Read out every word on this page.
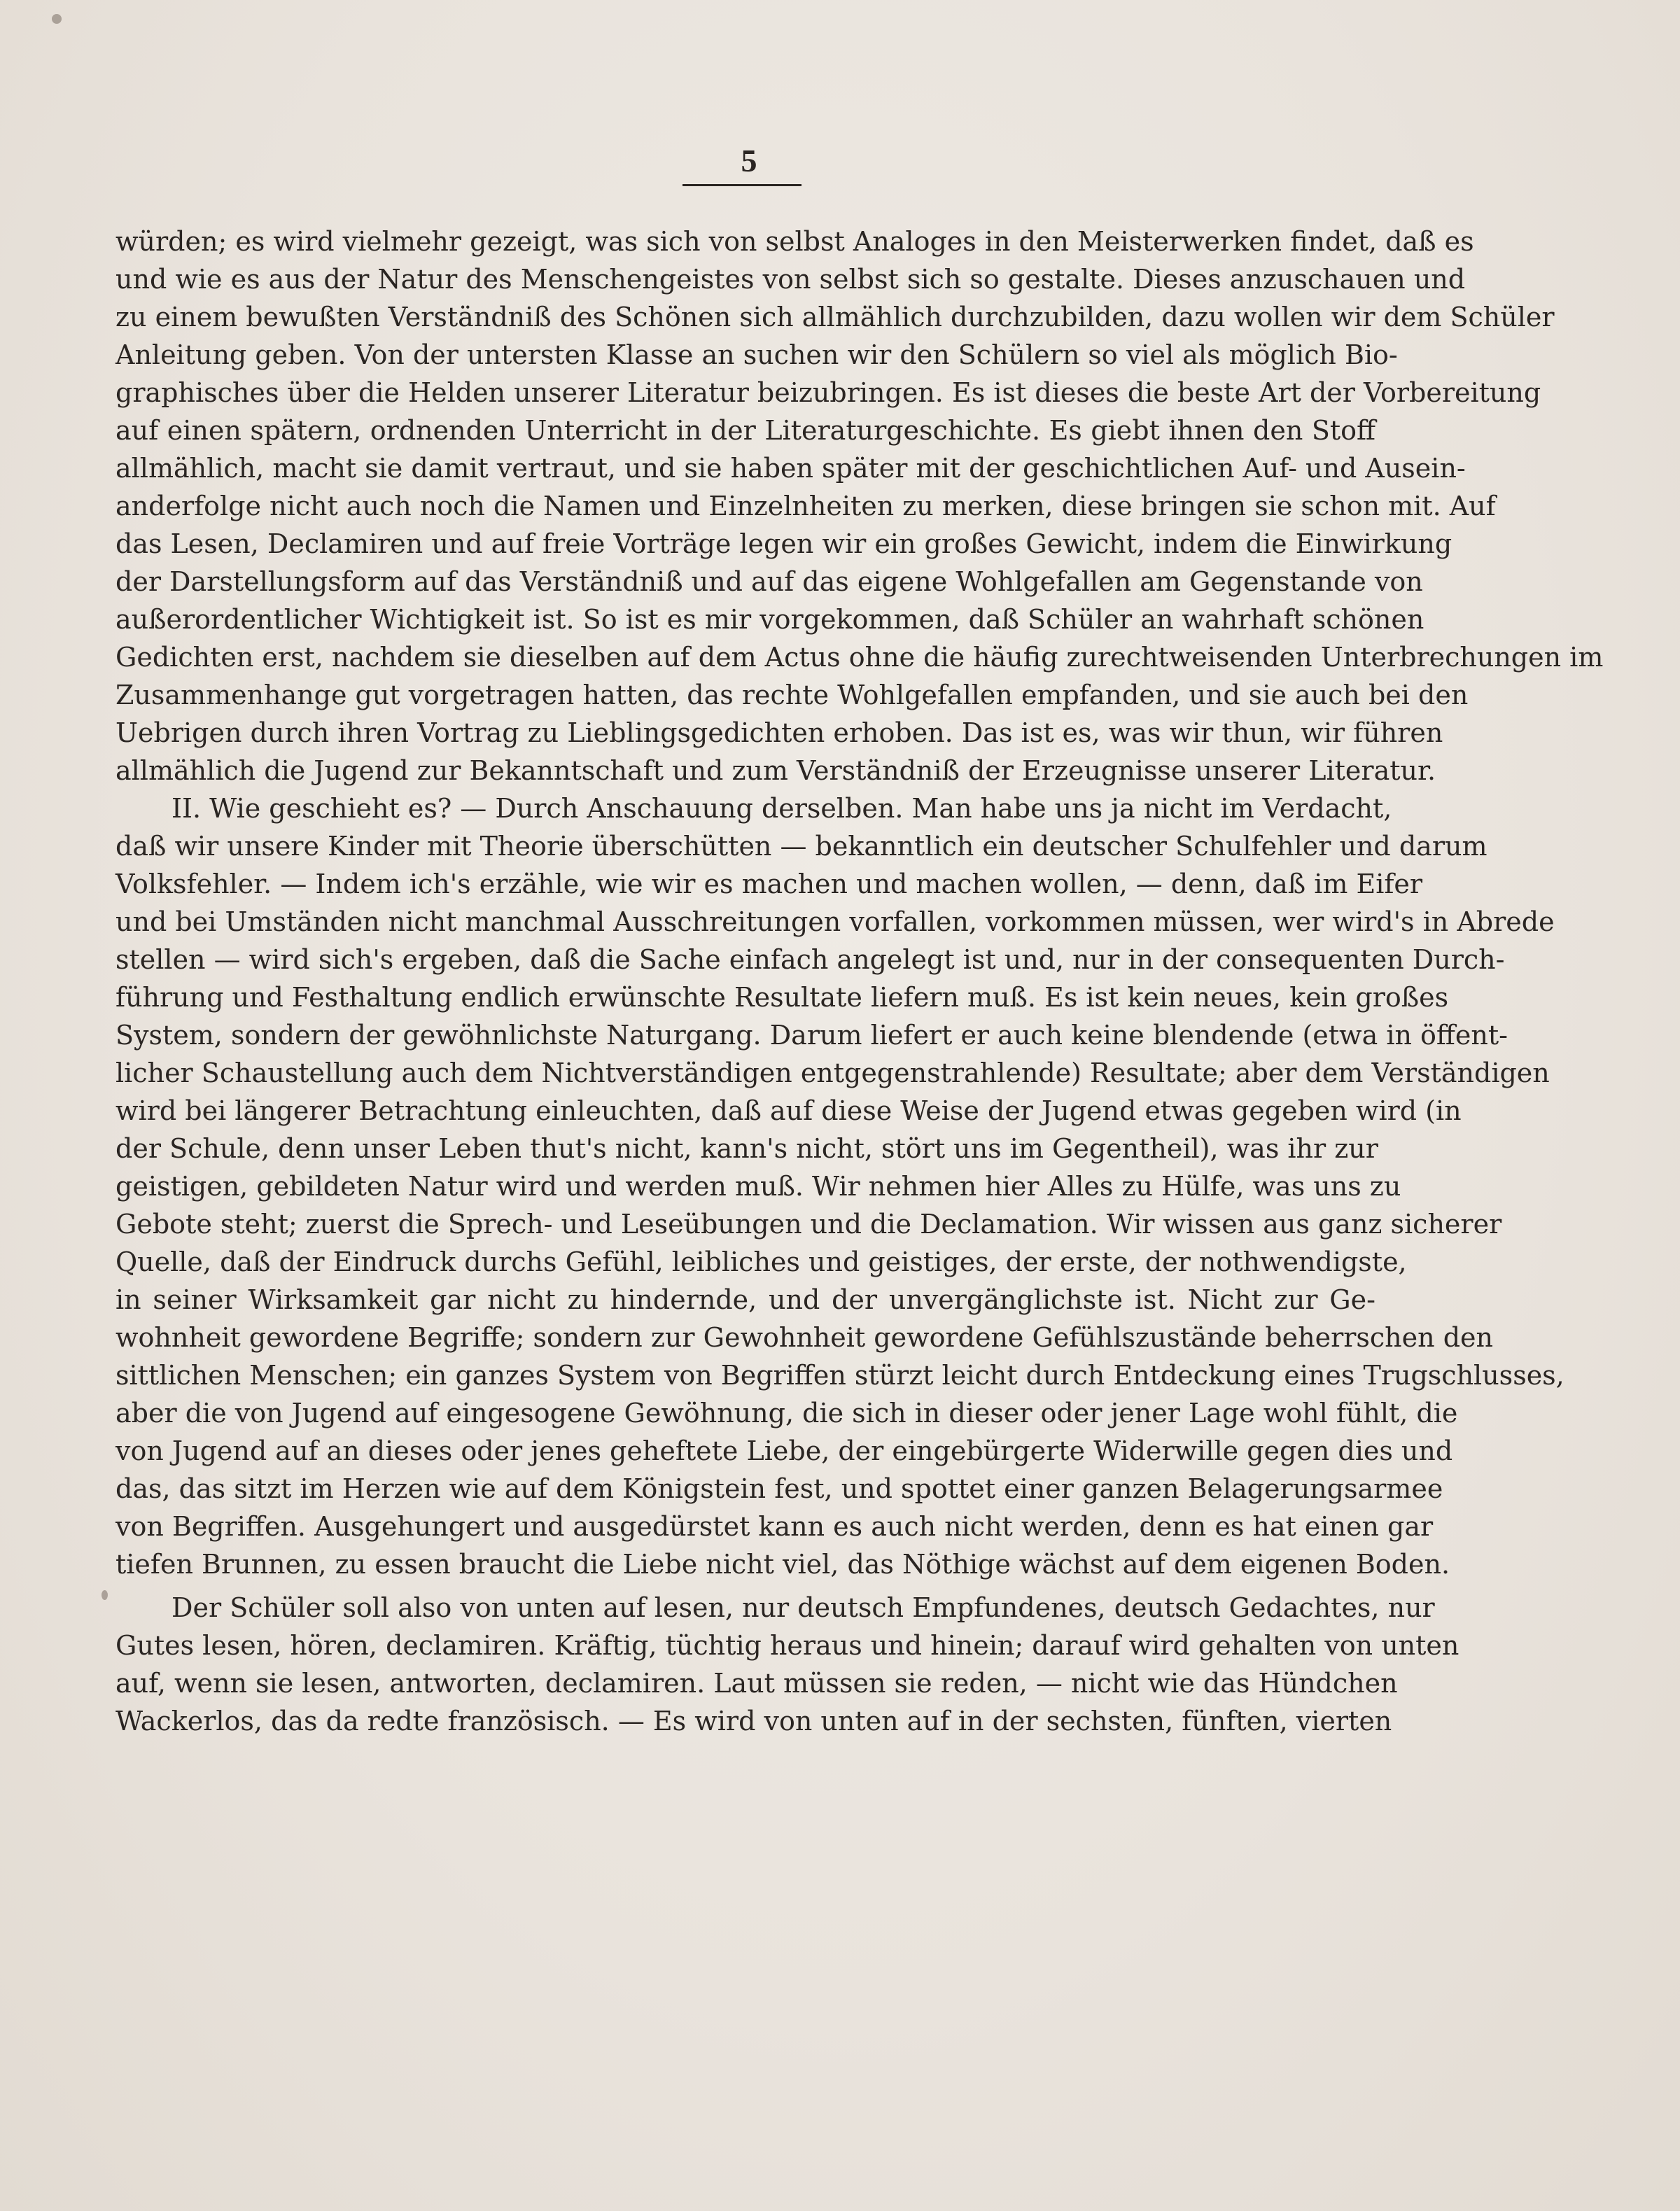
5
würden; es wird vielmehr gezeigt, was sich von selbst Analoges in den Meisterwerken findet, daß es
und wie es aus der Natur des Menschengeistes von selbst sich so gestalte. Dieses anzuschauen und
zu einem bewußten Verständniß des Schönen sich allmählich durchzubilden, dazu wollen wir dem Schüler
Anleitung geben. Von der untersten Klasse an suchen wir den Schülern so viel als möglich Bio-
graphisches über die Helden unserer Literatur beizubringen. Es ist dieses die beste Art der Vorbereitung
auf einen spätern, ordnenden Unterricht in der Literaturgeschichte. Es giebt ihnen den Stoff
allmählich, macht sie damit vertraut, und sie haben später mit der geschichtlichen Auf- und Ausein-
anderfolge nicht auch noch die Namen und Einzelnheiten zu merken, diese bringen sie schon mit. Auf
das Lesen, Declamiren und auf freie Vorträge legen wir ein großes Gewicht, indem die Einwirkung
der Darstellungsform auf das Verständniß und auf das eigene Wohlgefallen am Gegenstande von
außerordentlicher Wichtigkeit ist. So ist es mir vorgekommen, daß Schüler an wahrhaft schönen
Gedichten erst, nachdem sie dieselben auf dem Actus ohne die häufig zurechtweisenden Unterbrechungen im
Zusammenhange gut vorgetragen hatten, das rechte Wohlgefallen empfanden, und sie auch bei den
Uebrigen durch ihren Vortrag zu Lieblingsgedichten erhoben. Das ist es, was wir thun, wir führen
allmählich die Jugend zur Bekanntschaft und zum Verständniß der Erzeugnisse unserer Literatur.
II. Wie geschieht es? — Durch Anschauung derselben. Man habe uns ja nicht im Verdacht,
daß wir unsere Kinder mit Theorie überschütten — bekanntlich ein deutscher Schulfehler und darum
Volksfehler. — Indem ich's erzähle, wie wir es machen und machen wollen, — denn, daß im Eifer
und bei Umständen nicht manchmal Ausschreitungen vorfallen, vorkommen müssen, wer wird's in Abrede
stellen — wird sich's ergeben, daß die Sache einfach angelegt ist und, nur in der consequenten Durch-
führung und Festhaltung endlich erwünschte Resultate liefern muß. Es ist kein neues, kein großes
System, sondern der gewöhnlichste Naturgang. Darum liefert er auch keine blendende (etwa in öffent-
licher Schaustellung auch dem Nichtverständigen entgegenstrahlende) Resultate; aber dem Verständigen
wird bei längerer Betrachtung einleuchten, daß auf diese Weise der Jugend etwas gegeben wird (in
der Schule, denn unser Leben thut's nicht, kann's nicht, stört uns im Gegentheil), was ihr zur
geistigen, gebildeten Natur wird und werden muß. Wir nehmen hier Alles zu Hülfe, was uns zu
Gebote steht; zuerst die Sprech- und Leseübungen und die Declamation. Wir wissen aus ganz sicherer
Quelle, daß der Eindruck durchs Gefühl, leibliches und geistiges, der erste, der nothwendigste,
in seiner Wirksamkeit gar nicht zu hindernde, und der unvergänglichste ist. Nicht zur Ge-
wohnheit gewordene Begriffe; sondern zur Gewohnheit gewordene Gefühlszustände beherrschen den
sittlichen Menschen; ein ganzes System von Begriffen stürzt leicht durch Entdeckung eines Trugschlusses,
aber die von Jugend auf eingesogene Gewöhnung, die sich in dieser oder jener Lage wohl fühlt, die
von Jugend auf an dieses oder jenes geheftete Liebe, der eingebürgerte Widerwille gegen dies und
das, das sitzt im Herzen wie auf dem Königstein fest, und spottet einer ganzen Belagerungsarmee
von Begriffen. Ausgehungert und ausgedürstet kann es auch nicht werden, denn es hat einen gar
tiefen Brunnen, zu essen braucht die Liebe nicht viel, das Nöthige wächst auf dem eigenen Boden.
Der Schüler soll also von unten auf lesen, nur deutsch Empfundenes, deutsch Gedachtes, nur
Gutes lesen, hören, declamiren. Kräftig, tüchtig heraus und hinein; darauf wird gehalten von unten
auf, wenn sie lesen, antworten, declamiren. Laut müssen sie reden, — nicht wie das Hündchen
Wackerlos, das da redte französisch. — Es wird von unten auf in der sechsten, fünften, vierten
